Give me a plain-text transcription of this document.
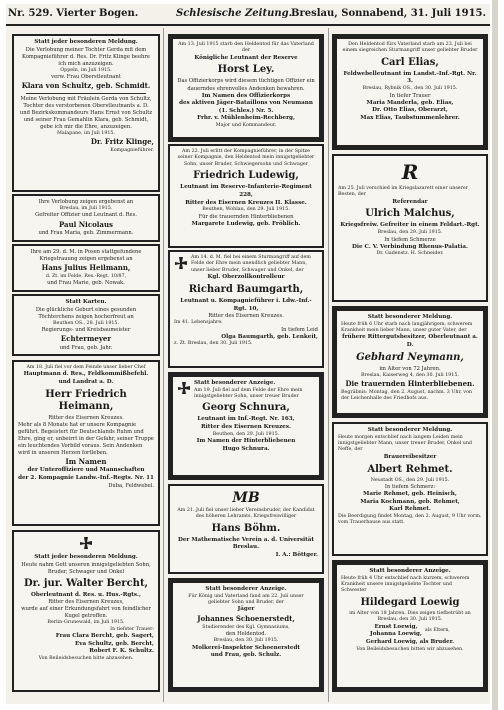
Nr. 529. Vierter Bogen.	Schlesische Zeitung.
Breslau, Sonnabend, 31. Juli 1915.

Statt jeder besonderen Meldung.

Die Verlobung meiner Tochter Gerda mit dem Kompagnieführer d. Res. Dr. Fritz Klinge beehre ich mich anzuzeigen.

Oppeln, im Juli 1915.

verw. Frau Oberstleutnant

Klara von Schultz, geb. Schmidt.

Meine Verlobung mit Fräulein Gerda von Schultz, Tochter des verstorbenen Oberstleutnants a. D. und Bezirkskommandeurs Hans Ernst von Schultz und seiner Frau Gemahlin Klara, geb. Schmidt, gebe ich mir die Ehre, anzuzeigen.

Malapane, im Juli 1915.

Dr. Fritz Klinge,

Kompagnieführer.

Ihre Verlobung zeigen ergebenst an

Breslau, im Juli 1915.

Gefreiter Offizier und Leutnant d. Res.

Paul Nicolaus

und Frau Maria, geb. Zimmermann.

Ihre am 29. d. M. in Posen stattgefundene Kriegstrauung zeigen ergebenst an

Hans Julius Heilmann,

d. Zt. im Felde, Res.-Regt. 10/87,

und Frau Marie, geb. Nowak.

Statt Karten.

Die glückliche Geburt eines gesunden Töchterchens zeigen hocherfreut an

Beuthen OS., 28. Juli 1915.

Regierungs- und Kreisbaumeister

Echtermeyer

und Frau, geb. Jahr.

Am 18. Juli fiel vor dem Feinde unser lieber Chef

Hauptmann d. Res., Feldkommißbefehl. und Landrat a. D.

Herr Friedrich Heimann,

Ritter des Eisernen Kreuzes.

Mehr als 8 Monate hat er unsere Kompagnie geführt. Begeistert für Deutschlands Ruhm und Ehre, ging er, unbeirrt in der Gefahr, seiner Truppe ein leuchtendes Vorbild voraus. Sein Andenken wird in unseren Herzen fortleben.

Im Namen

der Unteroffiziere und Mannschaften

der 2. Kompagnie Landw.-Inf.-Regts. Nr. 11

Duba, Feldwebel.

Statt jeder besonderen Meldung.

Heute nahm Gott unseren innigstgeliebten Sohn, Bruder, Schwager und Onkel

Dr. jur. Walter Bercht,

Oberleutnant d. Res. u. Hus.-Rgts.,

Ritter des Eisernen Kreuzes,

wurde auf einer Erkundungsfahrt von feindlicher Kugel getroffen.

Berlin-Grunewald, im Juli 1915.

In tiefster Trauer:

Frau Clara Bercht, geb. Sagert,

Eva Schultz, geb. Bercht,

Robert F. K. Schultz.

Von Beileidsbesuchen bitte abzusehen.

Am 13. Juli 1915 starb den Heldentod für das Vaterland der

Königliche Leutnant der Reserve

Horst Ley.

Das Offizierkorps wird diesem tüchtigen Offizier ein dauerndes ehrenvolles Andenken bewahren.

Im Namen des Offizierkorps

des aktiven Jäger-Bataillons von Neumann

(1. Schles.) Nr. 5.

Frhr. v. Mühlenheim-Rechberg,

Major und Kommandeur.

Am 22. Juli erlitt der Kompagnieführer, in der Spitze seiner Kompagnie, den Heldentod mein innigstgeliebter Sohn, unser Bruder, Schwiegersohn und Schwager

Friedrich Ludewig,

Leutnant im Reserve-Infanterie-Regiment 228,

Ritter des Eisernen Kreuzes II. Klasse.

Beuthen, Wohlau, den 29. Juli 1915.

Für die trauernden Hinterbliebenen

Margarete Ludewig, geb. Fröhlich.

Am 14. d. M. fiel bei einem Sturmangriff auf dem Felde der Ehre mein unendlich geliebter Mann, unser lieber Bruder, Schwager und Onkel, der

Kgl. Oberzollkontrolleur

Richard Baumgarth,

Leutnant u. Kompagnieführer i. Ldw.-Inf.-Rgt. 10,

Ritter des Eisernen Kreuzes.

Im 41. Lebensjahre.

In tiefem Leid

Olga Baumgarth, geb. Lenkeit,

z. Zt. Breslau, den 30. Juli 1915.

Statt besonderer Anzeige.

Am 19. Juli fiel auf dem Felde der Ehre mein innigstgeliebter Sohn, unser treuer Bruder

Georg Schnura,

Leutnant im Inf.-Regt. Nr. 163,

Ritter des Eisernen Kreuzes.

Beuthen, den 29. Juli 1915.

Im Namen der Hinterbliebenen

Hugo Schnura.

MB

Am 21. Juli fiel unser lieber Vereinsbruder, der Kandidat des höheren Lehramts, Kriegsfreiwilliger

Hans Böhm.

Der Mathematische Verein a. d. Universität Breslau.

I. A.: Böttger.

Statt besonderer Anzeige.

Für König und Vaterland fand am 22. Juli unser geliebter Sohn und Bruder, der

Jäger

Johannes Schoenerstedt,

Studierender des Kgl. Gymnasiums,

den Heldentod.

Breslau, den 30. Juli 1915.

Molkerei-Inspektor Schoenerstedt

und Frau, geb. Schulz.

Den Heldentod fürs Vaterland starb am 23. Juli bei einem siegreichen Sturmangriff unser geliebter Bruder

Carl Elias,

Feldwebelleutnant im Landst.-Inf.-Rgt. Nr. 3.

Breslau, Rybnik OS., den 30. Juli 1915.

In tiefer Trauer

Maria Manderla, geb. Elias,

Dr. Otto Elias, Oberarzt,

Max Elias, Taubstummenlehrer.

R

Am 25. Juli verschied im Kriegslazarett einer unserer Besten, der

Referendar

Ulrich Malchus,

Kriegsfreiw. Gefreiter in einem Feldart.-Rgt.

Breslau, den 29. Juli 1915.

In tiefem Schmerze

Die C. V. Verbindung Rhenus-Palatia.

Dr. Gadenstz. H. Schneider.

Statt besonderer Meldung.

Heute früh 6 Uhr starb nach langjährigem, schwerem Krankheit mein lieber Mann, unser guter Vater, der

frühere Rittergutsbesitzer, Oberleutnant a. D.

Gebhard Neymann,

im Alter von 72 Jahren.

Breslau, Kaiserweg 4, den 30. Juli 1915.

Die trauernden Hinterbliebenen.

Begräbnis: Montag, den 2. August, nachm. 3 Uhr, von der Leichenhalle des Friedhofs aus.

Statt besonderer Meldung.

Heute morgen entschlief nach langem Leiden mein innigstgeliebter Mann, unser treuer Bruder, Onkel und Neffe, der

Brauereibesitzer

Albert Rehmet.

Neustadt OS., den 29. Juli 1915.

In tiefem Schmerz:

Marie Rehmet, geb. Heinisch,

Maria Kochmann, geb. Rehmet,

Karl Rehmet.

Die Beerdigung findet Montag, den 2. August, 9 Uhr vorm. vom Trauerhause aus statt.

Statt besonderer Anzeige.

Heute früh 4 Uhr entschlief nach kurzem, schwerem Krankheit unsere innigstgeliebte Tochter und Schwester

Hildegard Loewig

im Alter von 18 Jahren. Dies zeigen tiefbetrübt an

Breslau, den 30. Juli 1915.

Ernst Loewig,

Johanna Loewig,

als Eltern,

Gerhard Loewig, als Bruder.

Von Beileidsbesuchen bitten wir abzusehen.
